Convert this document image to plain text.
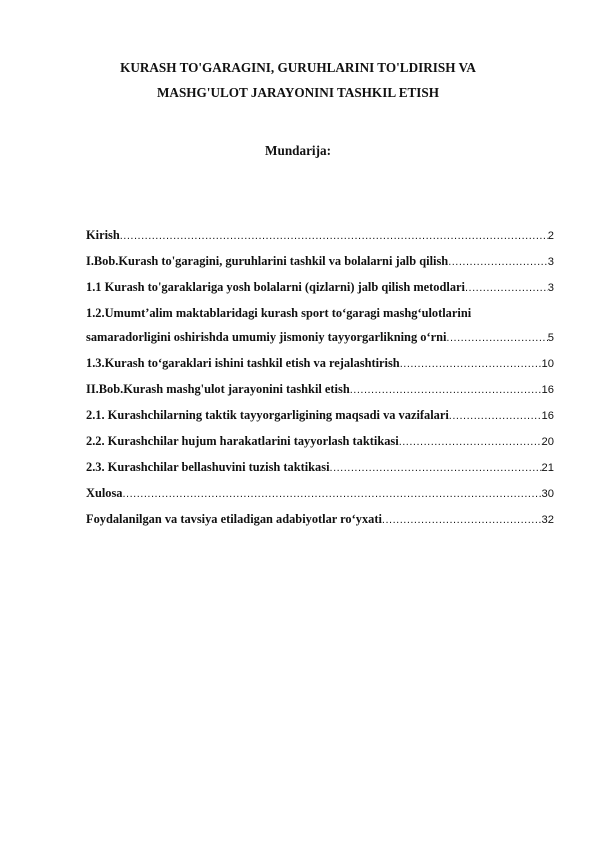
KURASH TO'GARAGINI, GURUHLARINI TO'LDIRISH VA
MASHG'ULOT JARAYONINI TASHKIL ETISH
Mundarija:
Kirish .....	2
I.Bob.Kurash to'garagini, guruhlarini tashkil va bolalarni jalb qilish .....	3
1.1 Kurash to'garaklariga yosh bolalarni (qizlarni) jalb qilish metodlari .....	3
1.2.Umumt’alim maktablaridagi kurash sport to‘garagi mashg‘ulotlarini
samaradorligini oshirishda umumiy jismoniy tayyorgarlikning o‘rni .....	5
1.3.Kurash to‘garaklari ishini tashkil etish va rejalashtirish .....	10
II.Bob.Kurash mashg'ulot jarayonini tashkil etish .....	16
2.1. Kurashchilarning taktik tayyorgarligining maqsadi va vazifalari .....	16
2.2. Kurashchilar hujum harakatlarini tayyorlash taktikasi .....	20
2.3. Kurashchilar bellashuvini tuzish taktikasi .....	21
Xulosa .....	30
Foydalanilgan va tavsiya etiladigan adabiyotlar ro‘yxati .....	32
